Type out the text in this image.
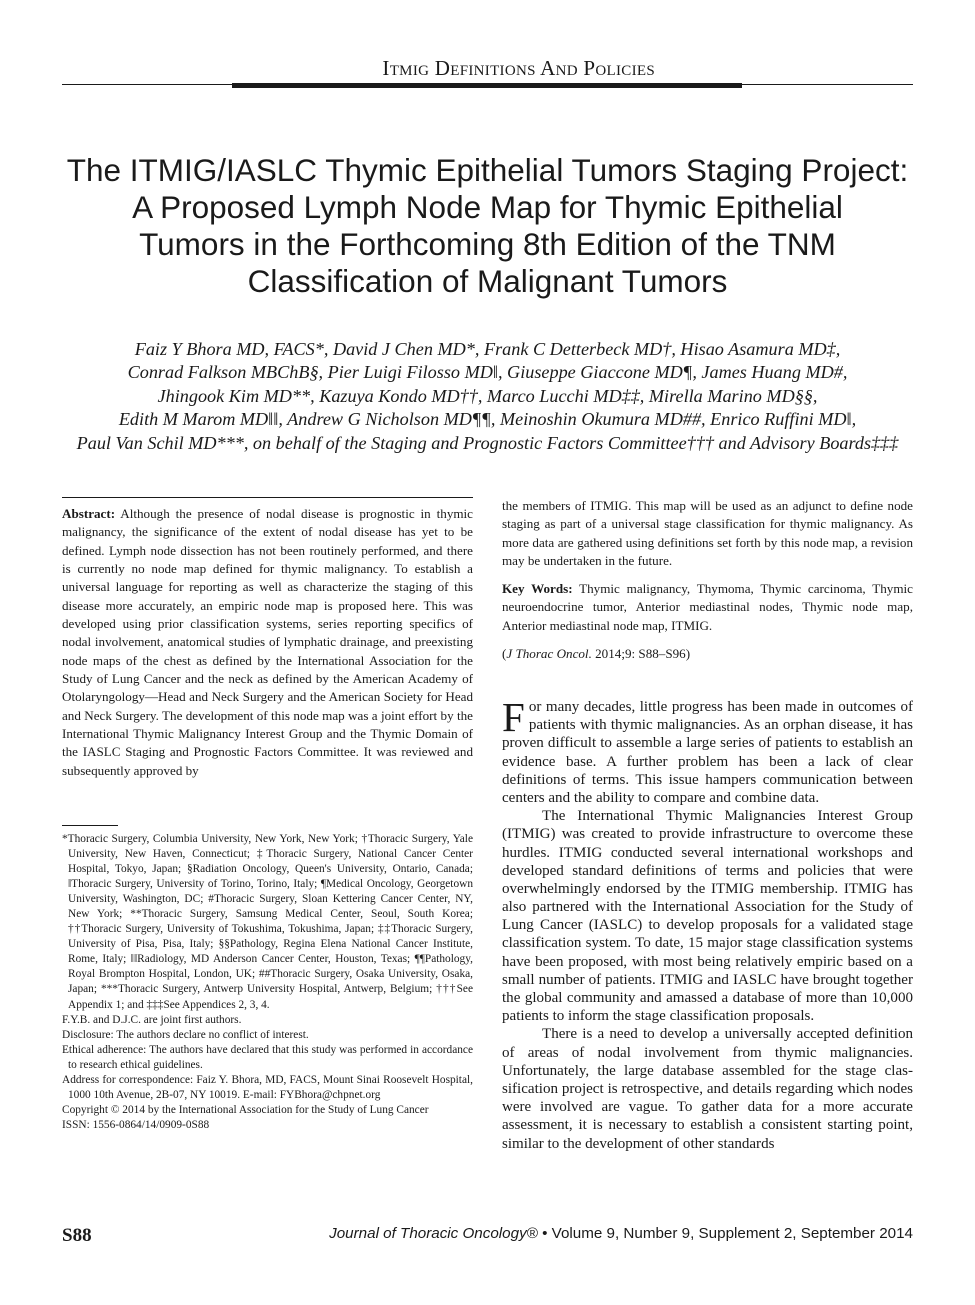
Itmig Definitions And Policies
The ITMIG/IASLC Thymic Epithelial Tumors Staging Project:
A Proposed Lymph Node Map for Thymic Epithelial
Tumors in the Forthcoming 8th Edition of the TNM
Classification of Malignant Tumors
Faiz Y Bhora MD, FACS*, David J Chen MD*, Frank C Detterbeck MD†, Hisao Asamura MD‡,
Conrad Falkson MBChB§, Pier Luigi Filosso MD‖, Giuseppe Giaccone MD¶, James Huang MD#,
Jhingook Kim MD**, Kazuya Kondo MD††, Marco Lucchi MD‡‡, Mirella Marino MD§§,
Edith M Marom MD‖‖, Andrew G Nicholson MD¶¶, Meinoshin Okumura MD##, Enrico Ruffini MD‖,
Paul Van Schil MD***, on behalf of the Staging and Prognostic Factors Committee††† and Advisory Boards‡‡‡

Abstract: Although the presence of nodal disease is prognostic in thymic malignancy, the significance of the extent of nodal disease has yet to be defined. Lymph node dissection has not been routinely performed, and there is currently no node map defined for thymic malignancy. To establish a universal language for reporting as well as characterize the staging of this disease more accurately, an empiric node map is proposed here. This was developed using prior classification systems, series reporting specifics of nodal involvement, anatomical studies of lymphatic drainage, and preexisting node maps of the chest as defined by the International Association for the Study of Lung Cancer and the neck as defined by the American Academy of Otolaryngology—Head and Neck Surgery and the American Society for Head and Neck Surgery. The development of this node map was a joint effort by the International Thymic Malignancy Interest Group and the Thymic Domain of the IASLC Staging and Prognostic Factors Committee. It was reviewed and subsequently approved by

the members of ITMIG. This map will be used as an adjunct to define node staging as part of a universal stage classification for thymic malignancy. As more data are gathered using definitions set forth by this node map, a revision may be undertaken in the future.

Key Words: Thymic malignancy, Thymoma, Thymic carcinoma, Thymic neuroendocrine tumor, Anterior mediastinal nodes, Thymic node map, Anterior mediastinal node map, ITMIG.

(J Thorac Oncol. 2014;9: S88–S96)

*Thoracic Surgery, Columbia University, New York, New York; †Thoracic Surgery, Yale University, New Haven, Connecticut; ‡Thoracic Surgery, National Cancer Center Hospital, Tokyo, Japan; §Radiation Oncology, Queen's University, Ontario, Canada; ‖Thoracic Surgery, University of Torino, Torino, Italy; ¶Medical Oncology, Georgetown University, Washington, DC; #Thoracic Surgery, Sloan Kettering Cancer Center, NY, New York; **Thoracic Surgery, Samsung Medical Center, Seoul, South Korea; ††Thoracic Surgery, University of Tokushima, Tokushima, Japan; ‡‡Thoracic Surgery, University of Pisa, Pisa, Italy; §§Pathology, Regina Elena National Cancer Institute, Rome, Italy; ‖‖Radiology, MD Anderson Cancer Center, Houston, Texas; ¶¶Pathology, Royal Brompton Hospital, London, UK; ##Thoracic Surgery, Osaka University, Osaka, Japan; ***Thoracic Surgery, Antwerp University Hospital, Antwerp, Belgium; †††See Appendix 1; and ‡‡‡See Appendices 2, 3, 4.

F.Y.B. and D.J.C. are joint first authors.

Disclosure: The authors declare no conflict of interest.

Ethical adherence: The authors have declared that this study was performed in accordance to research ethical guidelines.

Address for correspondence: Faiz Y. Bhora, MD, FACS, Mount Sinai Roosevelt Hospital, 1000 10th Avenue, 2B-07, NY 10019. E-mail: FYBhora@chpnet.org

Copyright © 2014 by the International Association for the Study of Lung Cancer

ISSN: 1556-0864/14/0909-0S88

For many decades, little progress has been made in outcomes of patients with thymic malignancies. As an orphan disease, it has proven difficult to assemble a large series of patients to establish an evidence base. A further problem has been a lack of clear definitions of terms. This issue hampers communication between centers and the ability to compare and combine data.

The International Thymic Malignancies Interest Group (ITMIG) was created to provide infrastructure to overcome these hurdles. ITMIG conducted several international workshops and developed standard definitions of terms and policies that were overwhelmingly endorsed by the ITMIG membership. ITMIG has also partnered with the International Association for the Study of Lung Cancer (IASLC) to develop proposals for a validated stage classification system. To date, 15 major stage classification systems have been proposed, with most being relatively empiric based on a small number of patients. ITMIG and IASLC have brought together the global community and amassed a database of more than 10,000 patients to inform the stage classification proposals.

There is a need to develop a universally accepted definition of areas of nodal involvement from thymic malignancies. Unfortunately, the large database assembled for the stage classification project is retrospective, and details regarding which nodes were involved are vague. To gather data for a more accurate assessment, it is necessary to establish a consistent starting point, similar to the development of other standards

S88	Journal of Thoracic Oncology® • Volume 9, Number 9, Supplement 2, September 2014
